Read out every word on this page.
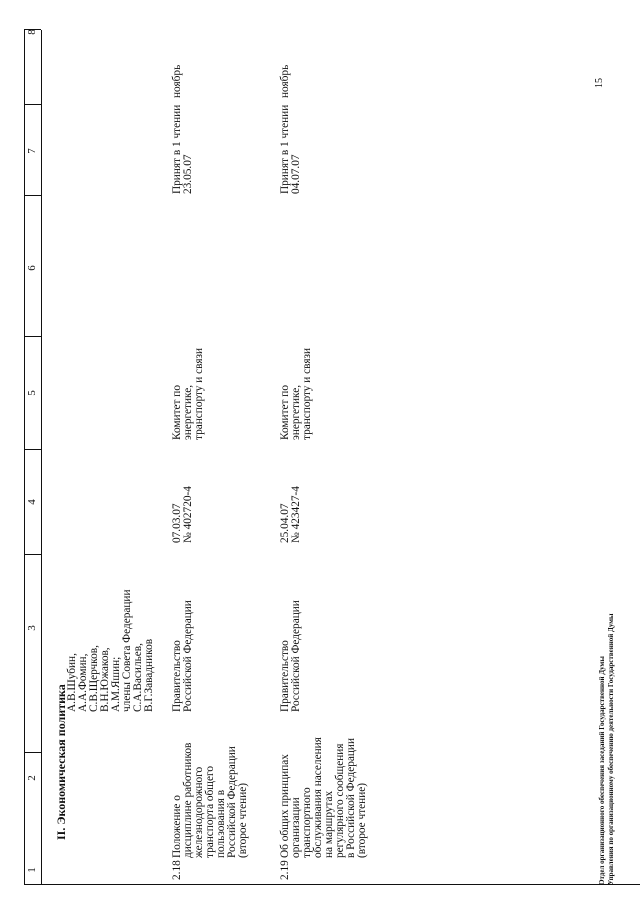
1
2
3
4
5
6
7
8
II. Экономическая политика
А.В.Шубин, А.А.Фомин, С.В.Щерчков, В.Н.Южаков, А.М.Яшин; члены Совета Федерации С.А.Васильев, В.Г.Завадников
2.18
Положение о дисциплине работников железнодорожного транспорта общего пользования в Российской Федерации (второе чтение)
Правительство Российской Федерации
07.03.07 № 402720-4
Комитет по энергетике, транспорту и связи
Принят в 1 чтении 23.05.07
ноябрь
2.19
Об общих принципах организации транспортного обслуживания населения на маршрутах регулярного сообщения в Российской Федерации (второе чтение)
Правительство Российской Федерации
25.04.07 № 423427-4
Комитет по энергетике, транспорту и связи
Принят в 1 чтении 04.07.07
ноябрь
Отдел организационного обеспечения заседаний Государственной Думы Управления по организационному обеспечению деятельности Государственной Думы
15
